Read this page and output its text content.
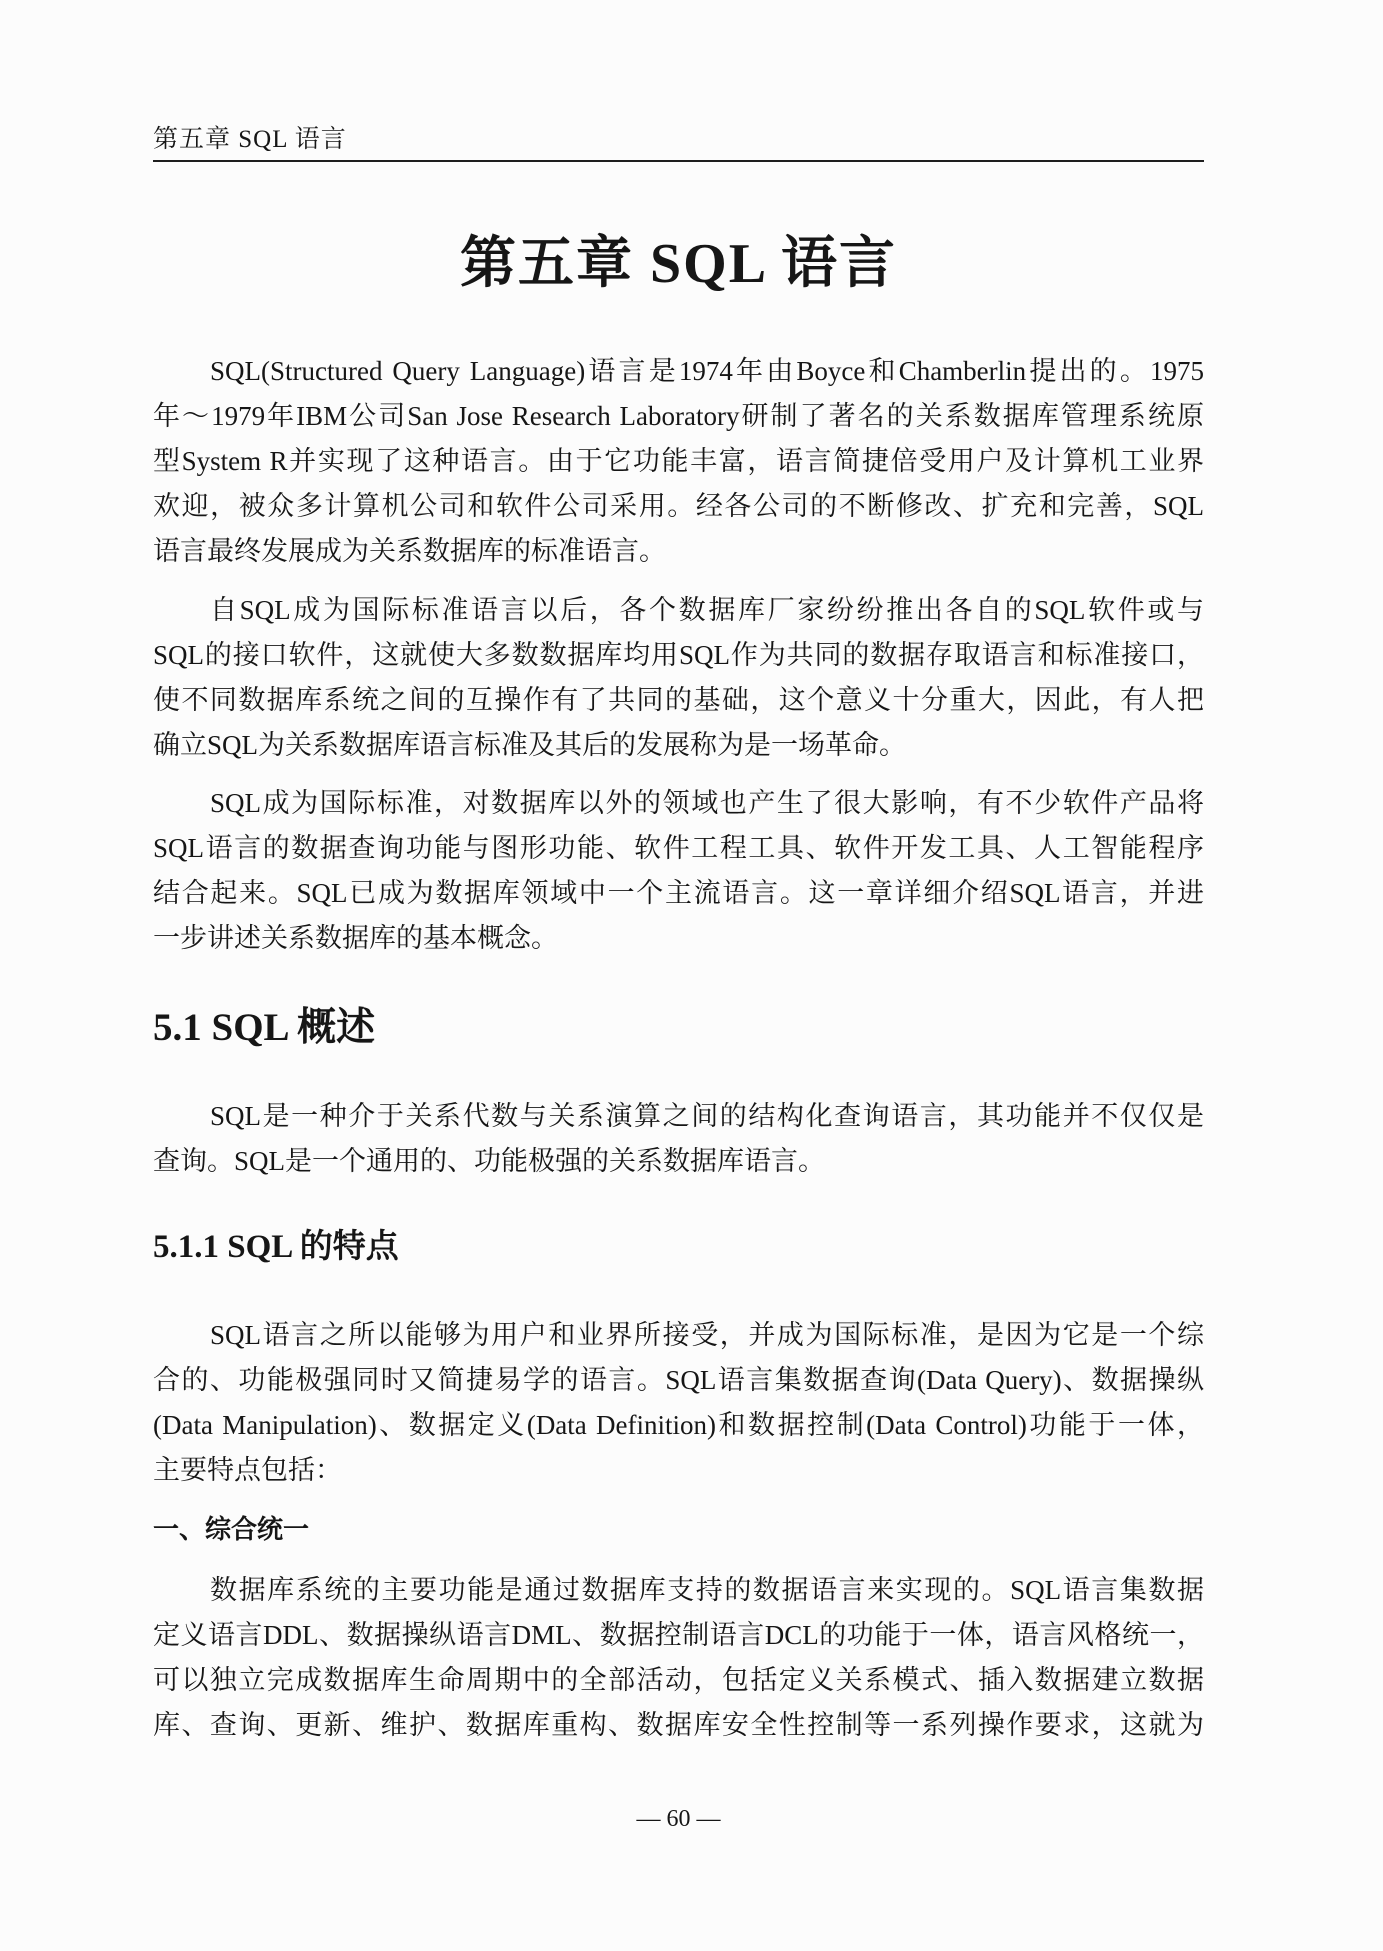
第五章 SQL 语言
第五章 SQL 语言
SQL(Structured Query Language)语言是1974年由Boyce和Chamberlin提出的。1975
年～1979年IBM公司San Jose Research Laboratory研制了著名的关系数据库管理系统原
型System R并实现了这种语言。由于它功能丰富，语言简捷倍受用户及计算机工业界
欢迎，被众多计算机公司和软件公司采用。经各公司的不断修改、扩充和完善，SQL
语言最终发展成为关系数据库的标准语言。
自SQL成为国际标准语言以后，各个数据库厂家纷纷推出各自的SQL软件或与
SQL的接口软件，这就使大多数数据库均用SQL作为共同的数据存取语言和标准接口，
使不同数据库系统之间的互操作有了共同的基础，这个意义十分重大，因此，有人把
确立SQL为关系数据库语言标准及其后的发展称为是一场革命。
SQL成为国际标准，对数据库以外的领域也产生了很大影响，有不少软件产品将
SQL语言的数据查询功能与图形功能、软件工程工具、软件开发工具、人工智能程序
结合起来。SQL已成为数据库领域中一个主流语言。这一章详细介绍SQL语言，并进
一步讲述关系数据库的基本概念。
5.1 SQL 概述
SQL是一种介于关系代数与关系演算之间的结构化查询语言，其功能并不仅仅是
查询。SQL是一个通用的、功能极强的关系数据库语言。
5.1.1 SQL 的特点
SQL语言之所以能够为用户和业界所接受，并成为国际标准，是因为它是一个综
合的、功能极强同时又简捷易学的语言。SQL语言集数据查询(Data Query)、数据操纵
(Data Manipulation)、数据定义(Data Definition)和数据控制(Data Control)功能于一体，
主要特点包括：
一、综合统一
数据库系统的主要功能是通过数据库支持的数据语言来实现的。SQL语言集数据
定义语言DDL、数据操纵语言DML、数据控制语言DCL的功能于一体，语言风格统一，
可以独立完成数据库生命周期中的全部活动，包括定义关系模式、插入数据建立数据
库、查询、更新、维护、数据库重构、数据库安全性控制等一系列操作要求，这就为
— 60 —
